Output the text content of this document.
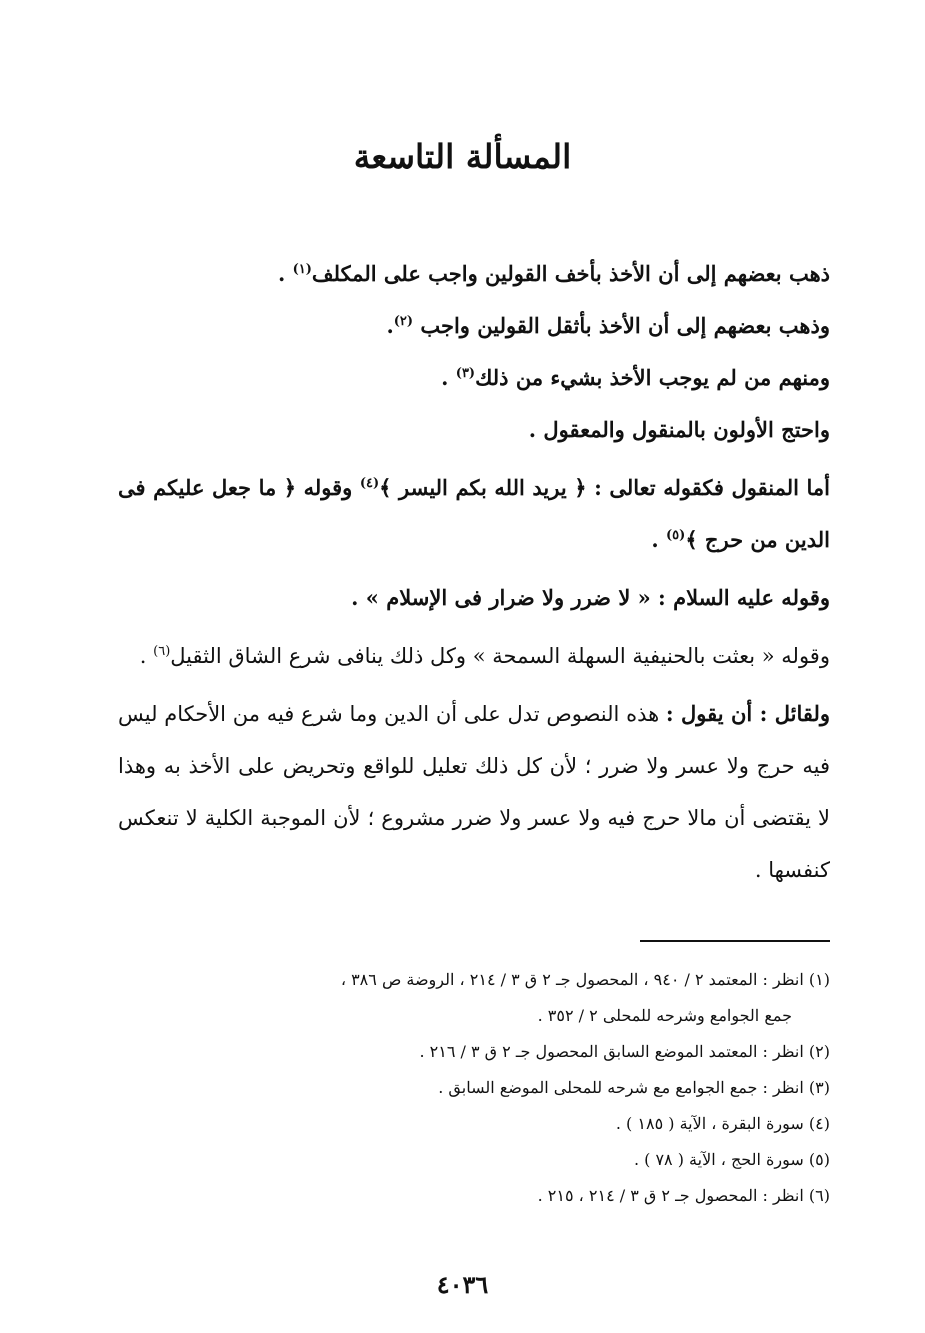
المسألة التاسعة

ذهب بعضهم إلى أن الأخذ بأخف القولين واجب على المكلف$^{(١)}$ .

وذهب بعضهم إلى أن الأخذ بأثقل القولين واجب $^{(٢)}$.

ومنهم من لم يوجب الأخذ بشيء من ذلك$^{(٣)}$ .

واحتج الأولون بالمنقول والمعقول .

أما المنقول فكقوله تعالى : ﴿ يريد الله بكم اليسر ﴾$^{(٤)}$ وقوله ﴿ ما جعل عليكم فى الدين من حرج ﴾$^{(٥)}$ .

وقوله عليه السلام : « لا ضرر ولا ضرار فى الإسلام » .

وقوله « بعثت بالحنيفية السهلة السمحة » وكل ذلك ينافى شرع الشاق الثقيل$^{(٦)}$ .

ولقائل : أن يقول : هذه النصوص تدل على أن الدين وما شرع فيه من الأحكام ليس فيه حرج ولا عسر ولا ضرر ؛ لأن كل ذلك تعليل للواقع وتحريض على الأخذ به وهذا لا يقتضى أن مالا حرج فيه ولا عسر ولا ضرر مشروع ؛ لأن الموجبة الكلية لا تنعكس كنفسها .

(١) انظر : المعتمد ٢ / ٩٤٠ ، المحصول جـ ٢ ق ٣ / ٢١٤ ، الروضة ص ٣٨٦ ،

جمع الجوامع وشرحه للمحلى ٢ / ٣٥٢ .

(٢) انظر : المعتمد الموضع السابق المحصول جـ ٢ ق ٣ / ٢١٦ .

(٣) انظر : جمع الجوامع مع شرحه للمحلى الموضع السابق .

(٤) سورة البقرة ، الآية ( ١٨٥ ) .

(٥) سورة الحج ، الآية ( ٧٨ ) .

(٦) انظر : المحصول جـ ٢ ق ٣ / ٢١٤ ، ٢١٥ .

٤٠٣٦
